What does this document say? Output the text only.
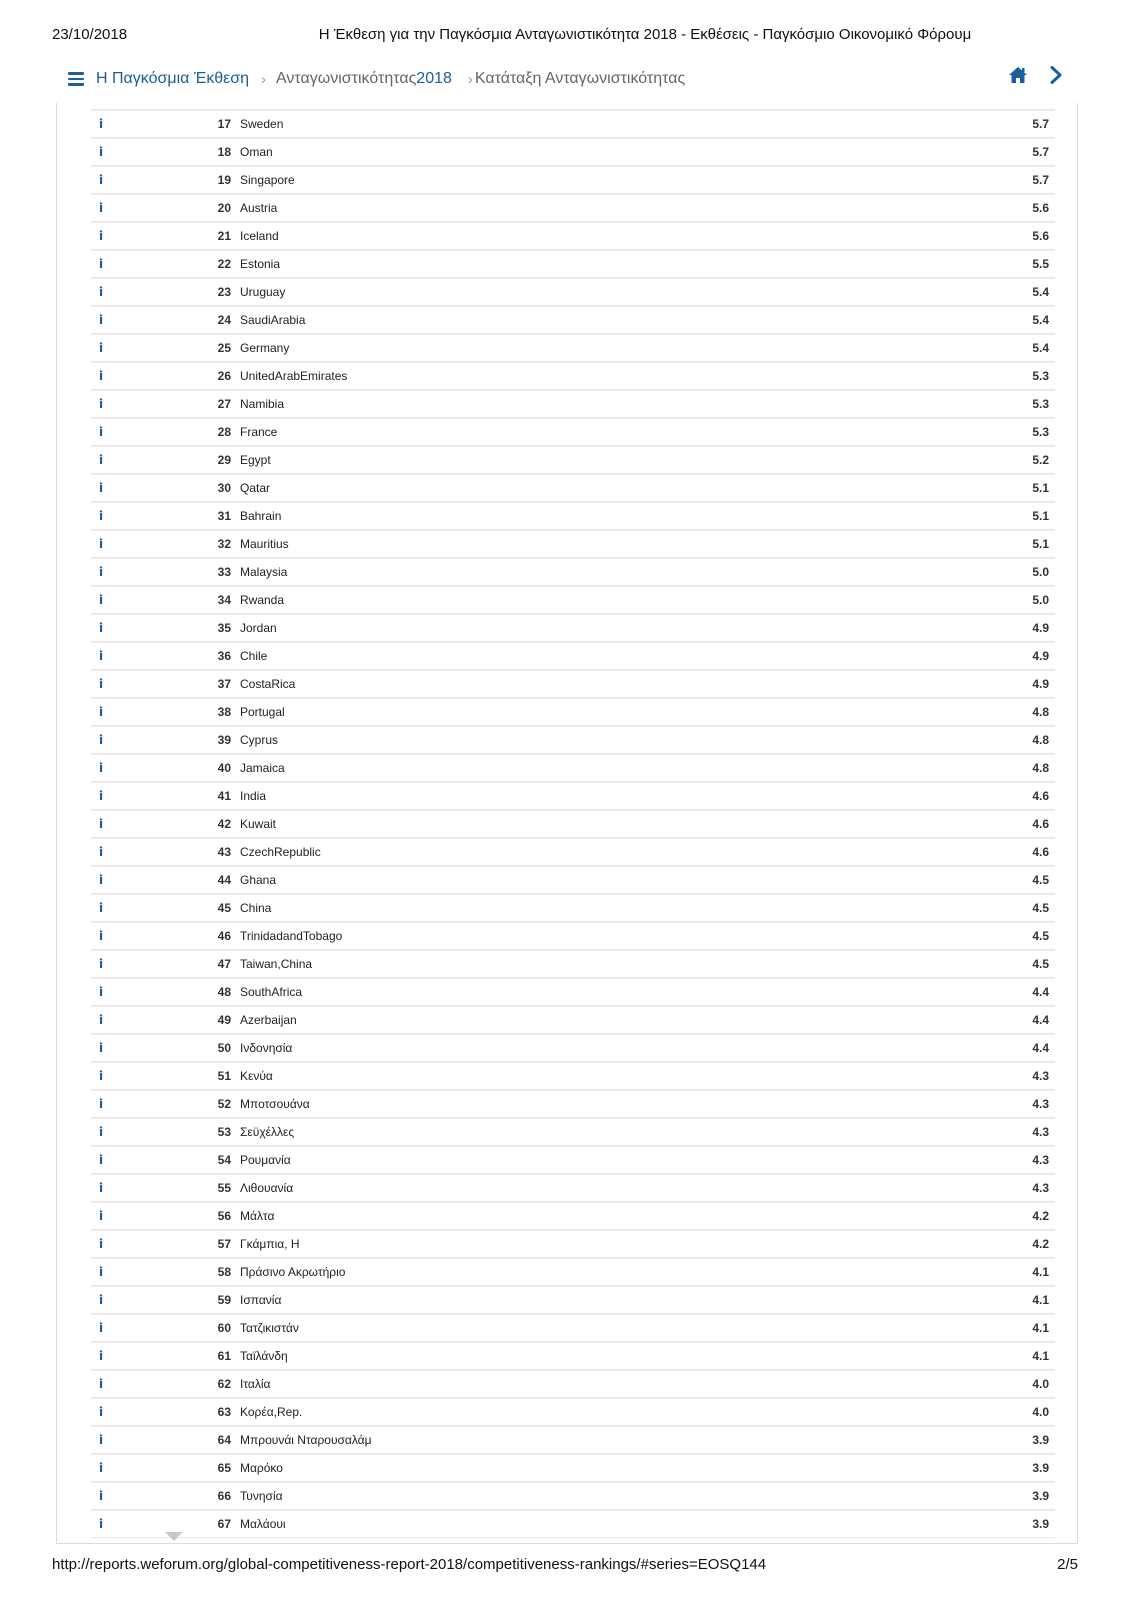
23/10/2018	Η Έκθεση για την Παγκόσμια Ανταγωνιστικότητα 2018 - Εκθέσεις - Παγκόσμιο Οικονομικό Φόρουμ
Η Παγκόσμια Έκθεση › Ανταγωνιστικότητας2018 › Κατάταξη Ανταγωνιστικότητας
i	17 Sweden	5.7
i	18 Oman	5.7
i	19 Singapore	5.7
i	20 Austria	5.6
i	21 Iceland	5.6
i	22 Estonia	5.5
i	23 Uruguay	5.4
i	24 SaudiArabia	5.4
i	25 Germany	5.4
i	26 UnitedArabEmirates	5.3
i	27 Namibia	5.3
i	28 France	5.3
i	29 Egypt	5.2
i	30 Qatar	5.1
i	31 Bahrain	5.1
i	32 Mauritius	5.1
i	33 Malaysia	5.0
i	34 Rwanda	5.0
i	35 Jordan	4.9
i	36 Chile	4.9
i	37 CostaRica	4.9
i	38 Portugal	4.8
i	39 Cyprus	4.8
i	40 Jamaica	4.8
i	41 India	4.6
i	42 Kuwait	4.6
i	43 CzechRepublic	4.6
i	44 Ghana	4.5
i	45 China	4.5
i	46 TrinidadandTobago	4.5
i	47 Taiwan,China	4.5
i	48 SouthAfrica	4.4
i	49 Azerbaijan	4.4
i	50 Ινδονησία	4.4
i	51 Κενύα	4.3
i	52 Μποτσουάνα	4.3
i	53 Σεϋχέλλες	4.3
i	54 Ρουμανία	4.3
i	55 Λιθουανία	4.3
i	56 Μάλτα	4.2
i	57 Γκάμπια, Η	4.2
i	58 Πράσινο Ακρωτήριο	4.1
i	59 Ισπανία	4.1
i	60 Τατζικιστάν	4.1
i	61 Ταϊλάνδη	4.1
i	62 Ιταλία	4.0
i	63 Κορέα,Rep.	4.0
i	64 Μπρουνάι Νταρουσαλάμ	3.9
i	65 Μαρόκο	3.9
i	66 Τυνησία	3.9
i	67 Μαλάουι	3.9
http://reports.weforum.org/global-competitiveness-report-2018/competitiveness-rankings/#series=EOSQ144	2/5
